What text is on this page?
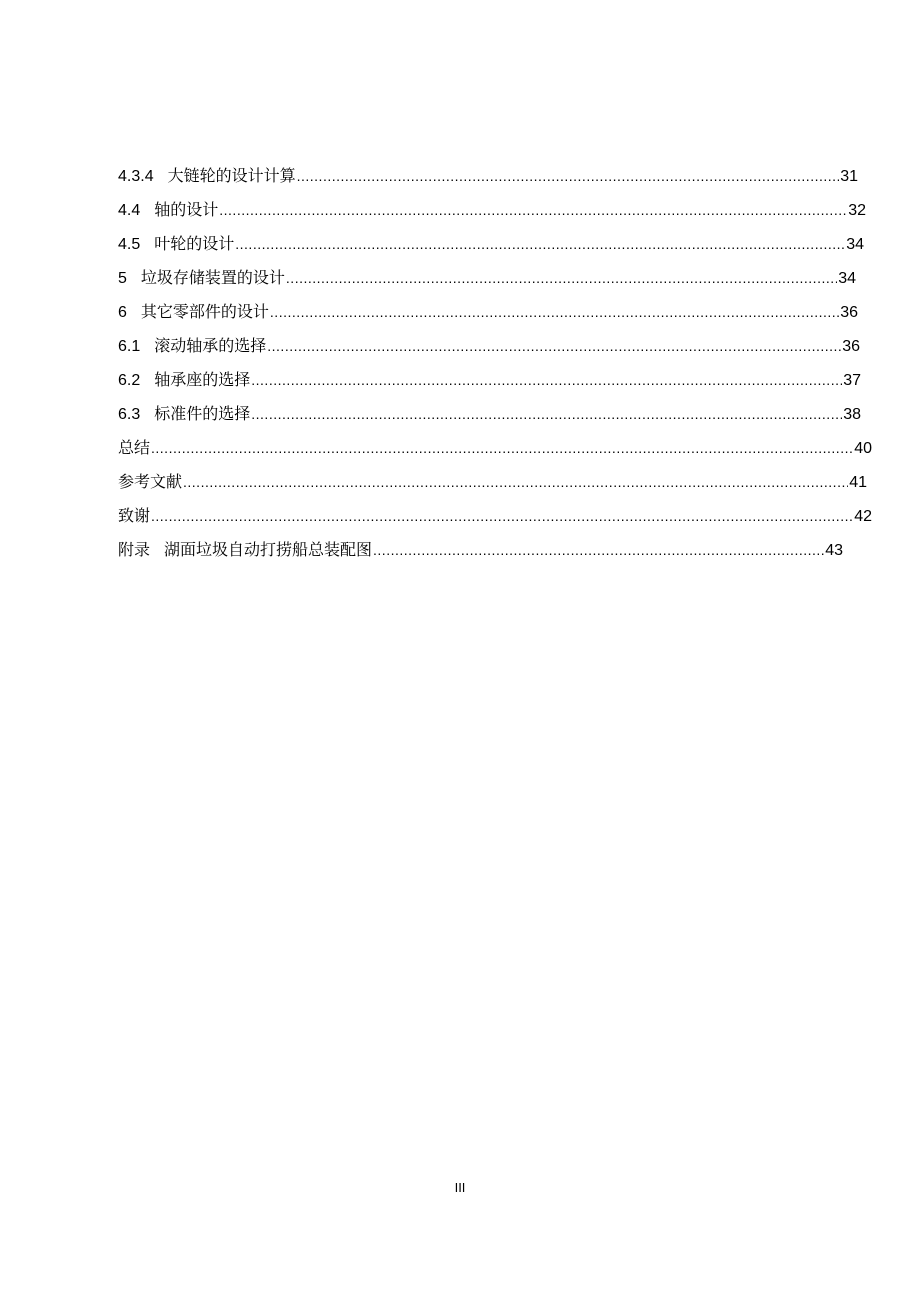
4.3.4 大链轮的设计计算 .....	31
4.4 轴的设计 .....	32
4.5 叶轮的设计 .....	34
5 垃圾存储装置的设计 .....	34
6 其它零部件的设计 .....	36
6.1 滚动轴承的选择 .....	36
6.2 轴承座的选择 .....	37
6.3 标准件的选择 .....	38
总结 .....	40
参考文献 .....	41
致谢 .....	42
附录 湖面垃圾自动打捞船总装配图 .....	43
III
